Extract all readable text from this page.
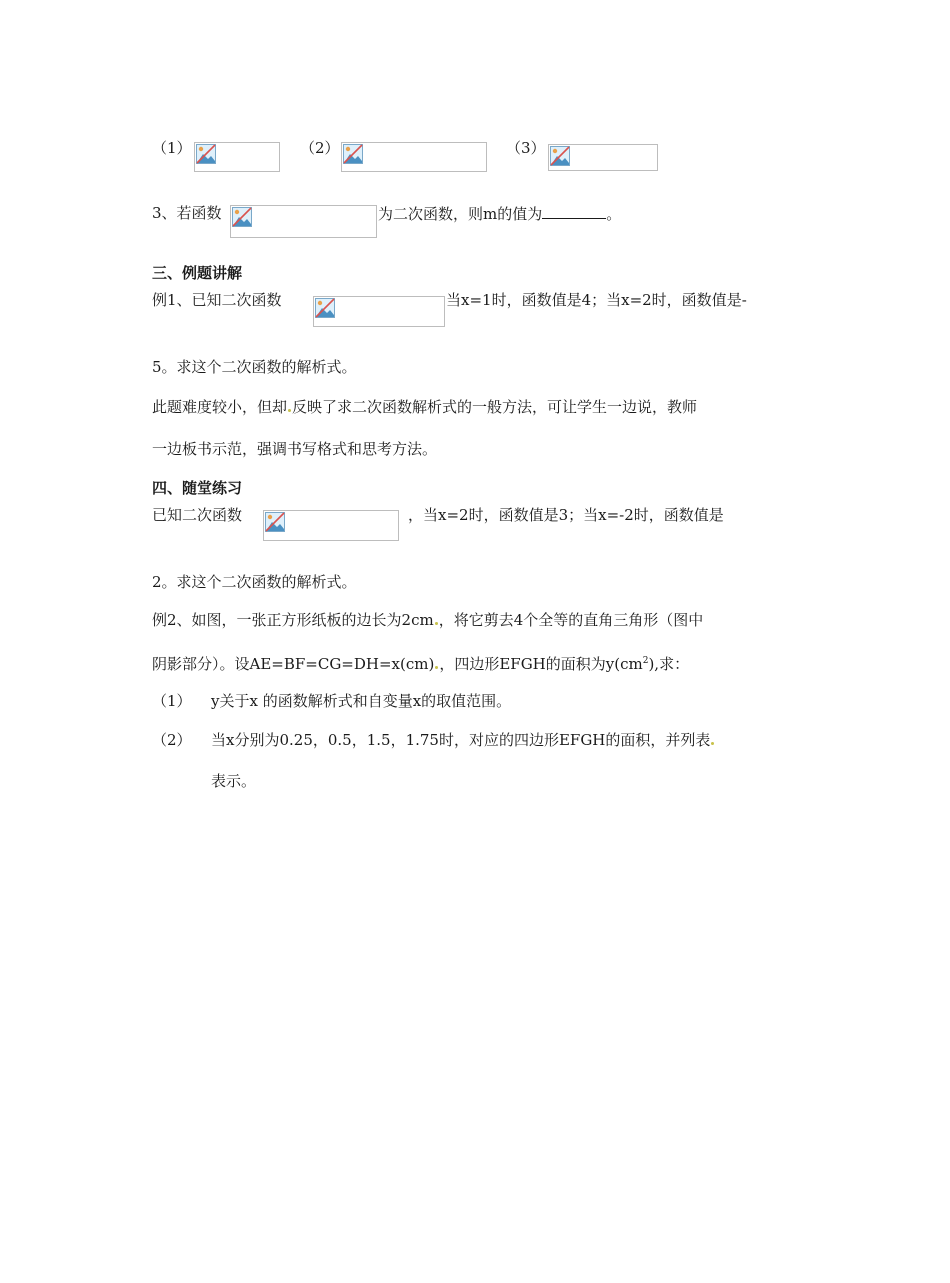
（1）	（2）	（3）
3、若函数	为二次函数，则m的值为	。
三、例题讲解
例1、已知二次函数	当x=1时，函数值是4；当x=2时，函数值是-
5。求这个二次函数的解析式。
此题难度较小，但却 反映了求二次函数解析式的一般方法，可让学生一边说，教师
一边板书示范，强调书写格式和思考方法。
四、随堂练习
已知二次函数	，当x=2时，函数值是3；当x=-2时，函数值是
2。求这个二次函数的解析式。
例2、如图，一张正方形纸板的边长为2cm ，将它剪去4个全等的直角三角形（图中
阴影部分）。设AE=BF=CG=DH=x(cm) ，四边形EFGH的面积为$y(cm^2)$,求：
（1） y关于x 的函数解析式和自变量x的取值范围。
（2） 当x分别为0.25，0.5，1.5，1.75时，对应的四边形EFGH的面积，并列表
表示。
